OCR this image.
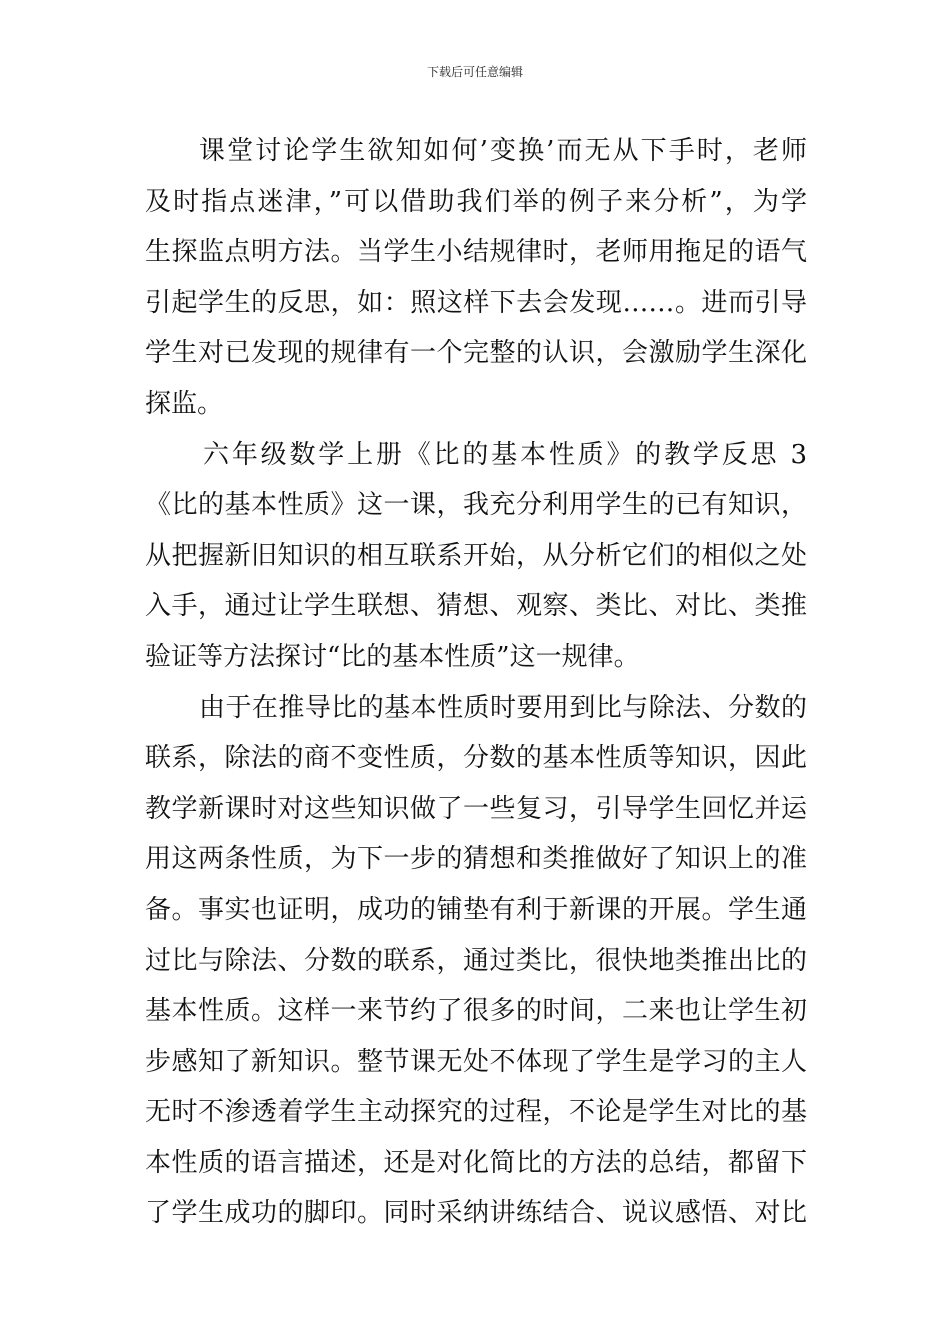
下载后可任意编辑
课堂讨论学生欲知如何’变换’而无从下手时，老师
及时指点迷津，”可以借助我们举的例子来分析”，为学
生探监点明方法。当学生小结规律时，老师用拖足的语气
引起学生的反思，如：照这样下去会发现……。进而引导
学生对已发现的规律有一个完整的认识，会激励学生深化
探监。
六年级数学上册《比的基本性质》的教学反思 3
《比的基本性质》这一课，我充分利用学生的已有知识，
从把握新旧知识的相互联系开始，从分析它们的相似之处
入手，通过让学生联想、猜想、观察、类比、对比、类推
验证等方法探讨“比的基本性质”这一规律。
由于在推导比的基本性质时要用到比与除法、分数的
联系，除法的商不变性质，分数的基本性质等知识，因此
教学新课时对这些知识做了一些复习，引导学生回忆并运
用这两条性质，为下一步的猜想和类推做好了知识上的准
备。事实也证明，成功的铺垫有利于新课的开展。学生通
过比与除法、分数的联系，通过类比，很快地类推出比的
基本性质。这样一来节约了很多的时间，二来也让学生初
步感知了新知识。整节课无处不体现了学生是学习的主人
无时不渗透着学生主动探究的过程，不论是学生对比的基
本性质的语言描述，还是对化简比的方法的总结，都留下
了学生成功的脚印。同时采纳讲练结合、说议感悟、对比
